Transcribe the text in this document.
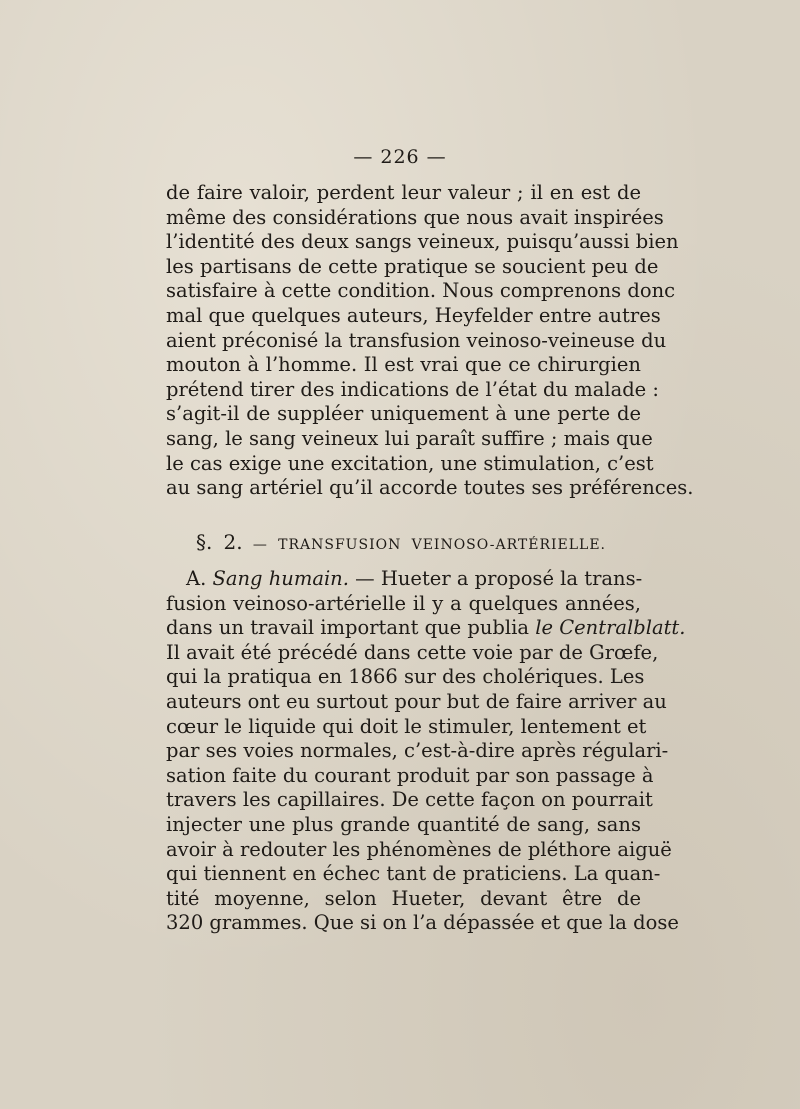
— 226 —
de faire valoir, perdent leur valeur ; il en est de
même des considérations que nous avait inspirées
l’identité des deux sangs veineux, puisqu’aussi bien
les partisans de cette pratique se soucient peu de
satisfaire à cette condition. Nous comprenons donc
mal que quelques auteurs, Heyfelder entre autres
aient préconisé la transfusion veinoso-veineuse du
mouton à l’homme. Il est vrai que ce chirurgien
prétend tirer des indications de l’état du malade :
s’agit-il de suppléer uniquement à une perte de
sang, le sang veineux lui paraît suffire ; mais que
le cas exige une excitation, une stimulation, c’est
au sang artériel qu’il accorde toutes ses préférences.
§. 2. — TRANSFUSION VEINOSO-ARTÉRIELLE.
A. Sang humain. — Hueter a proposé la trans-
fusion veinoso-artérielle il y a quelques années,
dans un travail important que publia le Centralblatt.
Il avait été précédé dans cette voie par de Grœfe,
qui la pratiqua en 1866 sur des cholériques. Les
auteurs ont eu surtout pour but de faire arriver au
cœur le liquide qui doit le stimuler, lentement et
par ses voies normales, c’est-à-dire après régulari-
sation faite du courant produit par son passage à
travers les capillaires. De cette façon on pourrait
injecter une plus grande quantité de sang, sans
avoir à redouter les phénomènes de pléthore aiguë
qui tiennent en échec tant de praticiens. La quan-
tité moyenne, selon Hueter, devant être de
320 grammes. Que si on l’a dépassée et que la dose
